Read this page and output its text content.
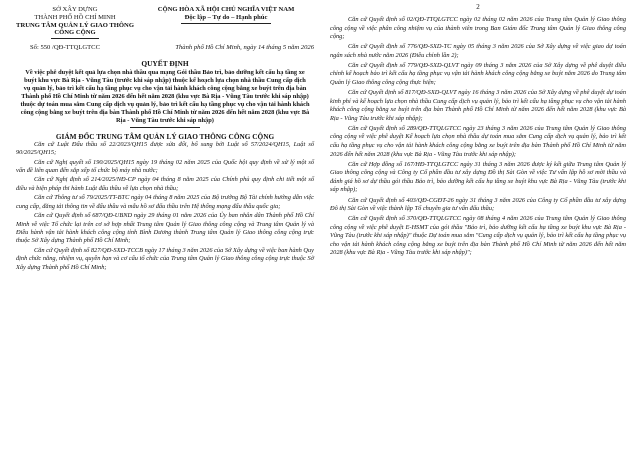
SỞ XÂY DỰNG
THÀNH PHỐ HỒ CHÍ MINH
TRUNG TÂM QUẢN LÝ GIAO THÔNG CÔNG CỘNG
CỘNG HÒA XÃ HỘI CHỦ NGHĨA VIỆT NAM
Độc lập – Tự do – Hạnh phúc
Số: 550 /QĐ-TTQLGTCC	Thành phố Hồ Chí Minh, ngày 14 tháng 5 năm 2026
QUYẾT ĐỊNH
Về việc phê duyệt kết quả lựa chọn nhà thầu qua mạng Gói thầu Bảo trì, bảo dưỡng kết cấu hạ tầng xe buýt khu vực Bà Rịa - Vũng Tàu (trước khi sáp nhập) thuộc kế hoạch lựa chọn nhà thầu Cung cấp dịch vụ quản lý, bảo trì kết cấu hạ tầng phục vụ cho vận tải hành khách công cộng bằng xe buýt trên địa bàn Thành phố Hồ Chí Minh từ năm 2026 đến hết năm 2028 (khu vực Bà Rịa - Vũng Tàu trước khi sáp nhập) thuộc dự toán mua sắm Cung cấp dịch vụ quản lý, bảo trì kết cấu hạ tầng phục vụ cho vận tải hành khách công cộng bằng xe buýt trên địa bàn Thành phố Hồ Chí Minh từ năm 2026 đến hết năm 2028 (khu vực Bà Rịa - Vũng Tàu trước khi sáp nhập)
GIÁM ĐỐC TRUNG TÂM QUẢN LÝ GIAO THÔNG CÔNG CỘNG

Căn cứ Luật Đấu thầu số 22/2023/QH15 được sửa đổi, bổ sung bởi Luật số 57/2024/QH15, Luật số 90/2025/QH15;

Căn cứ Nghị quyết số 190/2025/QH15 ngày 19 tháng 02 năm 2025 của Quốc hội quy định về xử lý một số vấn đề liên quan đến sắp xếp tổ chức bộ máy nhà nước;

Căn cứ Nghị định số 214/2025/NĐ-CP ngày 04 tháng 8 năm 2025 của Chính phủ quy định chi tiết một số điều và biện pháp thi hành Luật đấu thầu về lựa chọn nhà thầu;

Căn cứ Thông tư số 79/2025/TT-BTC ngày 04 tháng 8 năm 2025 của Bộ trưởng Bộ Tài chính hướng dẫn việc cung cấp, đăng tải thông tin về đấu thầu và mẫu hồ sơ đấu thầu trên Hệ thống mạng đấu thầu quốc gia;

Căn cứ Quyết định số 687/QĐ-UBND ngày 29 tháng 01 năm 2026 của Ủy ban nhân dân Thành phố Hồ Chí Minh về việc Tổ chức lại trên cơ sở hợp nhất Trung tâm Quản lý Giao thông công cộng và Trung tâm Quản lý và Điều hành vận tải hành khách công cộng tỉnh Bình Dương thành Trung tâm Quản lý Giao thông công cộng trực thuộc Sở Xây dựng Thành phố Hồ Chí Minh;

Căn cứ Quyết định số 827/QĐ-SXD-TCCB ngày 17 tháng 3 năm 2026 của Sở Xây dựng về việc ban hành Quy định chức năng, nhiệm vụ, quyền hạn và cơ cấu tổ chức của Trung tâm Quản lý Giao thông công cộng trực thuộc Sở Xây dựng Thành phố Hồ Chí Minh;

2

Căn cứ Quyết định số 02/QĐ-TTQLGTCC ngày 02 tháng 02 năm 2026 của Trung tâm Quản lý Giao thông công cộng về việc phân công nhiệm vụ của thành viên trong Ban Giám đốc Trung tâm Quản lý Giao thông công cộng;

Căn cứ Quyết định số 776/QĐ-SXD-TC ngày 05 tháng 3 năm 2026 của Sở Xây dựng về việc giao dự toán ngân sách nhà nước năm 2026 (Điều chỉnh lần 2);

Căn cứ Quyết định số 779/QĐ-SXD-QLVT ngày 09 tháng 3 năm 2026 của Sở Xây dựng về phê duyệt điều chỉnh kế hoạch bảo trì kết cấu hạ tầng phục vụ vận tải hành khách công cộng bằng xe buýt năm 2026 do Trung tâm Quản lý Giao thông công cộng thực hiện;

Căn cứ Quyết định số 817/QĐ-SXD-QLVT ngày 16 tháng 3 năm 2026 của Sở Xây dựng về phê duyệt dự toán kinh phí và kế hoạch lựa chọn nhà thầu Cung cấp dịch vụ quản lý, bảo trì kết cấu hạ tầng phục vụ cho vận tải hành khách công cộng bằng xe buýt trên địa bàn Thành phố Hồ Chí Minh từ năm 2026 đến hết năm 2028 (khu vực Bà Rịa - Vũng Tàu trước khi sáp nhập);

Căn cứ Quyết định số 289/QĐ-TTQLGTCC ngày 23 tháng 3 năm 2026 của Trung tâm Quản lý Giao thông công cộng về việc phê duyệt Kế hoạch lựa chọn nhà thầu dự toán mua sắm Cung cấp dịch vụ quản lý, bảo trì kết cấu hạ tầng phục vụ cho vận tải hành khách công cộng bằng xe buýt trên địa bàn Thành phố Hồ Chí Minh từ năm 2026 đến hết năm 2028 (khu vực Bà Rịa - Vũng Tàu trước khi sáp nhập);

Căn cứ Hợp đồng số 167/HĐ-TTQLGTCC ngày 31 tháng 3 năm 2026 được ký kết giữa Trung tâm Quản lý Giao thông công cộng và Công ty Cổ phần đầu tư xây dựng Đồ thị Sài Gòn về việc Tư vấn lập hồ sơ mời thầu và đánh giá hồ sơ dự thầu gói thầu Bảo trì, bảo dưỡng kết cấu hạ tầng xe buýt khu vực Bà Rịa - Vũng Tàu (trước khi sáp nhập);

Căn cứ Quyết định số 403/QĐ-CGĐT-26 ngày 31 tháng 3 năm 2026 của Công ty Cổ phần đầu tư xây dựng Đô thị Sài Gòn về việc thành lập Tổ chuyên gia tư vấn đấu thầu;

Căn cứ Quyết định số 370/QĐ-TTQLGTCC ngày 08 tháng 4 năm 2026 của Trung tâm Quản lý Giao thông công cộng về việc phê duyệt E-HSMT của gói thầu "Bảo trì, bảo dưỡng kết cấu hạ tầng xe buýt khu vực Bà Rịa - Vũng Tàu (trước khi sáp nhập)" thuộc Dự toán mua sắm "Cung cấp dịch vụ quản lý, bảo trì kết cấu hạ tầng phục vụ cho vận tải hành khách công cộng bằng xe buýt trên địa bàn Thành phố Hồ Chí Minh từ năm 2026 đến hết năm 2028 (khu vực Bà Rịa - Vũng Tàu trước khi sáp nhập)";
